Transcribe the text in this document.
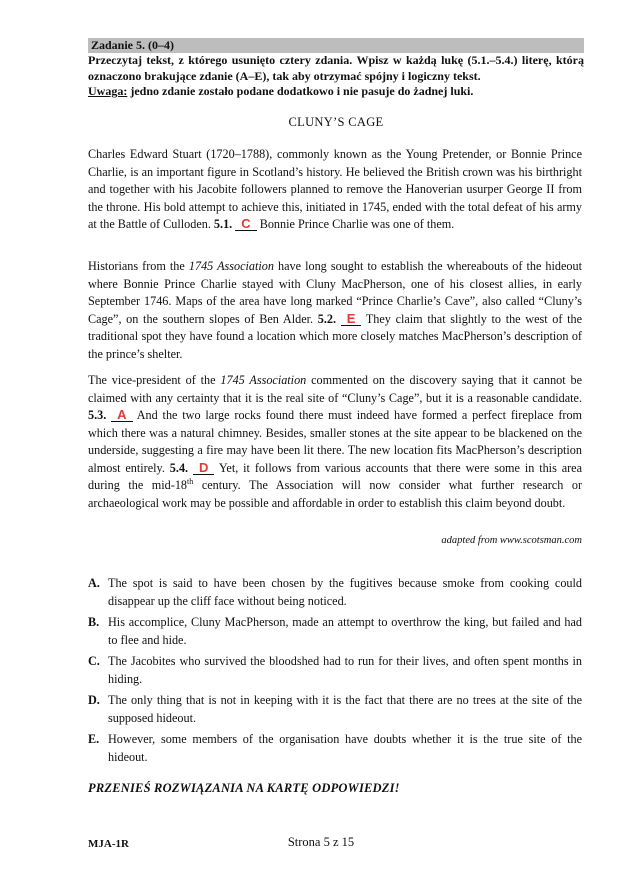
Zadanie 5. (0–4)
Przeczytaj tekst, z którego usunięto cztery zdania. Wpisz w każdą lukę (5.1.–5.4.) literę, którą oznaczono brakujące zdanie (A–E), tak aby otrzymać spójny i logiczny tekst.
Uwaga: jedno zdanie zostało podane dodatkowo i nie pasuje do żadnej luki.
CLUNY’S CAGE

Charles Edward Stuart (1720–1788), commonly known as the Young Pretender, or Bonnie Prince Charlie, is an important figure in Scotland’s history. He believed the British crown was his birthright and together with his Jacobite followers planned to remove the Hanoverian usurper George II from the throne. His bold attempt to achieve this, initiated in 1745, ended with the total defeat of his army at the Battle of Culloden. 5.1. C Bonnie Prince Charlie was one of them.

Historians from the 1745 Association have long sought to establish the whereabouts of the hideout where Bonnie Prince Charlie stayed with Cluny MacPherson, one of his closest allies, in early September 1746. Maps of the area have long marked “Prince Charlie’s Cave”, also called “Cluny’s Cage”, on the southern slopes of Ben Alder. 5.2. E They claim that slightly to the west of the traditional spot they have found a location which more closely matches MacPherson’s description of the prince’s shelter.

The vice-president of the 1745 Association commented on the discovery saying that it cannot be claimed with any certainty that it is the real site of “Cluny’s Cage”, but it is a reasonable candidate. 5.3. A And the two large rocks found there must indeed have formed a perfect fireplace from which there was a natural chimney. Besides, smaller stones at the site appear to be blackened on the underside, suggesting a fire may have been lit there. The new location fits MacPherson’s description almost entirely. 5.4. D Yet, it follows from various accounts that there were some in this area during the mid-18th century. The Association will now consider what further research or archaeological work may be possible and affordable in order to establish this claim beyond doubt.

adapted from www.scotsman.com
A. The spot is said to have been chosen by the fugitives because smoke from cooking could disappear up the cliff face without being noticed.
B. His accomplice, Cluny MacPherson, made an attempt to overthrow the king, but failed and had to flee and hide.
C. The Jacobites who survived the bloodshed had to run for their lives, and often spent months in hiding.
D. The only thing that is not in keeping with it is the fact that there are no trees at the site of the supposed hideout.
E. However, some members of the organisation have doubts whether it is the true site of the hideout.
PRZENIEŚ ROZWIĄZANIA NA KARTĘ ODPOWIEDZI!
MJA-1R	Strona 5 z 15
